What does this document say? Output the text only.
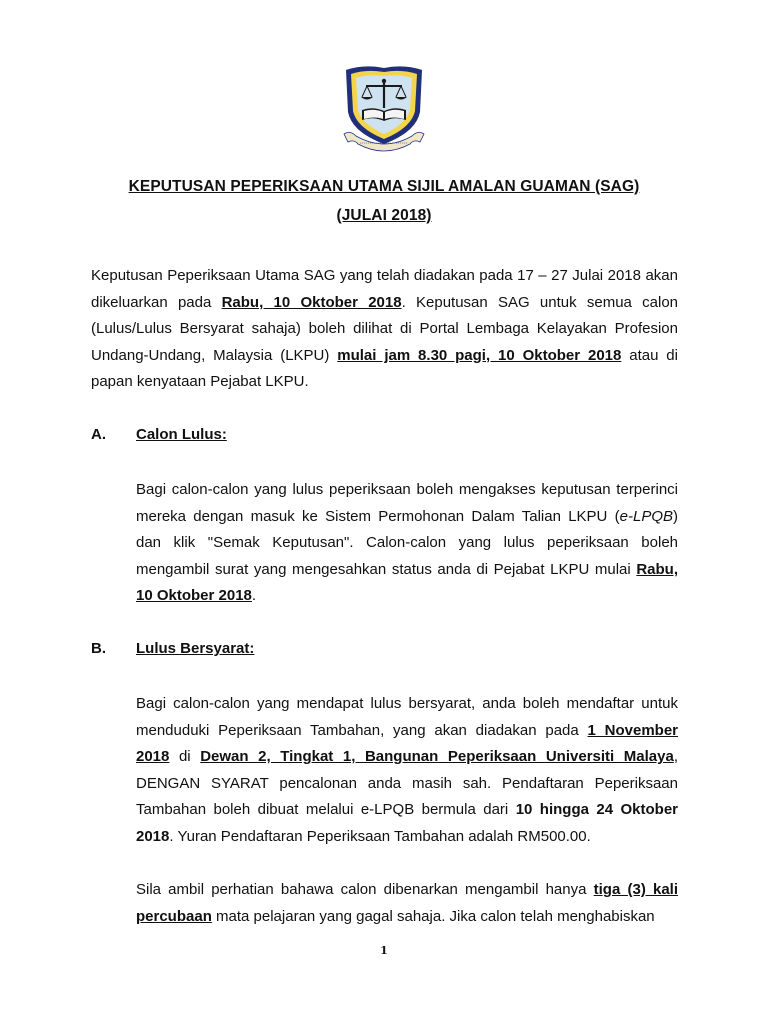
KEPUTUSAN PEPERIKSAAN UTAMA SIJIL AMALAN GUAMAN (SAG)
(JULAI 2018)

Keputusan Peperiksaan Utama SAG yang telah diadakan pada 17 – 27 Julai 2018 akan dikeluarkan pada Rabu, 10 Oktober 2018. Keputusan SAG untuk semua calon (Lulus/Lulus Bersyarat sahaja) boleh dilihat di Portal Lembaga Kelayakan Profesion Undang-Undang, Malaysia (LKPU) mulai jam 8.30 pagi, 10 Oktober 2018 atau di papan kenyataan Pejabat LKPU.

A. Calon Lulus:

Bagi calon-calon yang lulus peperiksaan boleh mengakses keputusan terperinci mereka dengan masuk ke Sistem Permohonan Dalam Talian LKPU (e-LPQB) dan klik "Semak Keputusan". Calon-calon yang lulus peperiksaan boleh mengambil surat yang mengesahkan status anda di Pejabat LKPU mulai Rabu, 10 Oktober 2018.

B. Lulus Bersyarat:

Bagi calon-calon yang mendapat lulus bersyarat, anda boleh mendaftar untuk menduduki Peperiksaan Tambahan, yang akan diadakan pada 1 November 2018 di Dewan 2, Tingkat 1, Bangunan Peperiksaan Universiti Malaya, DENGAN SYARAT pencalonan anda masih sah. Pendaftaran Peperiksaan Tambahan boleh dibuat melalui e-LPQB bermula dari 10 hingga 24 Oktober 2018. Yuran Pendaftaran Peperiksaan Tambahan adalah RM500.00.

Sila ambil perhatian bahawa calon dibenarkan mengambil hanya tiga (3) kali percubaan mata pelajaran yang gagal sahaja. Jika calon telah menghabiskan

1
